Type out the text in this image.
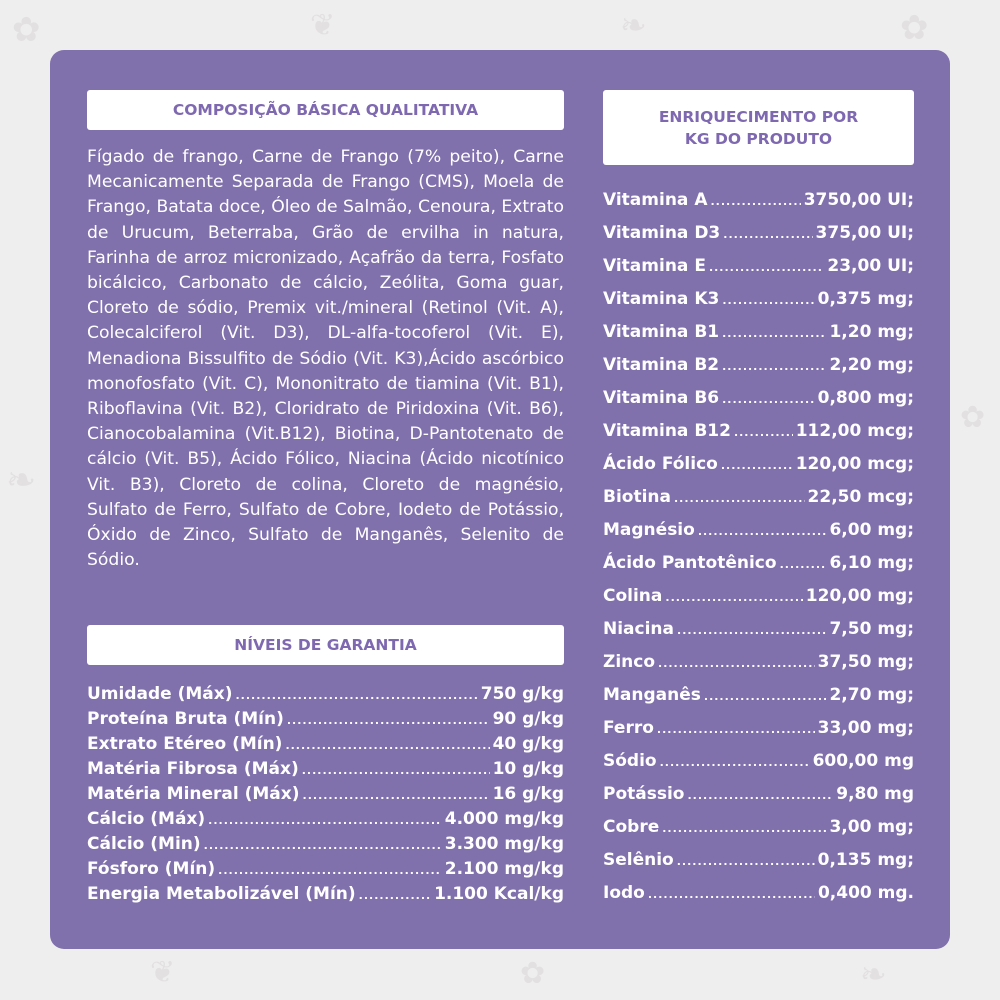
✿	❦	❧	✿
❧
✿
❦	✿	❧
COMPOSIÇÃO BÁSICA QUALITATIVA
Fígado de frango, Carne de Frango (7% peito), Carne Mecanicamente Separada de Frango (CMS), Moela de Frango, Batata doce, Óleo de Salmão, Cenoura, Extrato de Urucum, Beterraba, Grão de ervilha in natura, Farinha de arroz micronizado, Açafrão da terra, Fosfato bicálcico, Carbonato de cálcio, Zeólita, Goma guar, Cloreto de sódio, Premix vit./mineral (Retinol (Vit. A), Colecalciferol (Vit. D3), DL-alfa-tocoferol (Vit. E), Menadiona Bissulfito de Sódio (Vit. K3),Ácido ascórbico monofosfato (Vit. C), Mononitrato de tiamina (Vit. B1), Riboflavina (Vit. B2), Cloridrato de Piridoxina (Vit. B6), Cianocobalamina (Vit.B12), Biotina, D-Pantotenato de cálcio (Vit. B5), Ácido Fólico, Niacina (Ácido nicotínico Vit. B3), Cloreto de colina, Cloreto de magnésio, Sulfato de Ferro, Sulfato de Cobre, Iodeto de Potássio, Óxido de Zinco, Sulfato de Manganês, Selenito de Sódio.
NÍVEIS DE GARANTIA
Umidade (Máx) .....	750 g/kg
Proteína Bruta (Mín) .....	90 g/kg
Extrato Etéreo (Mín) .....	40 g/kg
Matéria Fibrosa (Máx) .....	10 g/kg
Matéria Mineral (Máx) .....	16 g/kg
Cálcio (Máx) .....	4.000 mg/kg
Cálcio (Min) .....	3.300 mg/kg
Fósforo (Mín) .....	2.100 mg/kg
Energia Metabolizável (Mín) .....	1.100 Kcal/kg
ENRIQUECIMENTO POR
KG DO PRODUTO
Vitamina A .....	3750,00 UI;
Vitamina D3 .....	375,00 UI;
Vitamina E .....	23,00 UI;
Vitamina K3 .....	0,375 mg;
Vitamina B1 .....	1,20 mg;
Vitamina B2 .....	2,20 mg;
Vitamina B6 .....	0,800 mg;
Vitamina B12 .....	112,00 mcg;
Ácido Fólico .....	120,00 mcg;
Biotina .....	22,50 mcg;
Magnésio .....	6,00 mg;
Ácido Pantotênico .....	6,10 mg;
Colina .....	120,00 mg;
Niacina .....	7,50 mg;
Zinco .....	37,50 mg;
Manganês .....	2,70 mg;
Ferro .....	33,00 mg;
Sódio .....	600,00 mg
Potássio .....	9,80 mg
Cobre .....	3,00 mg;
Selênio .....	0,135 mg;
Iodo .....	0,400 mg.
